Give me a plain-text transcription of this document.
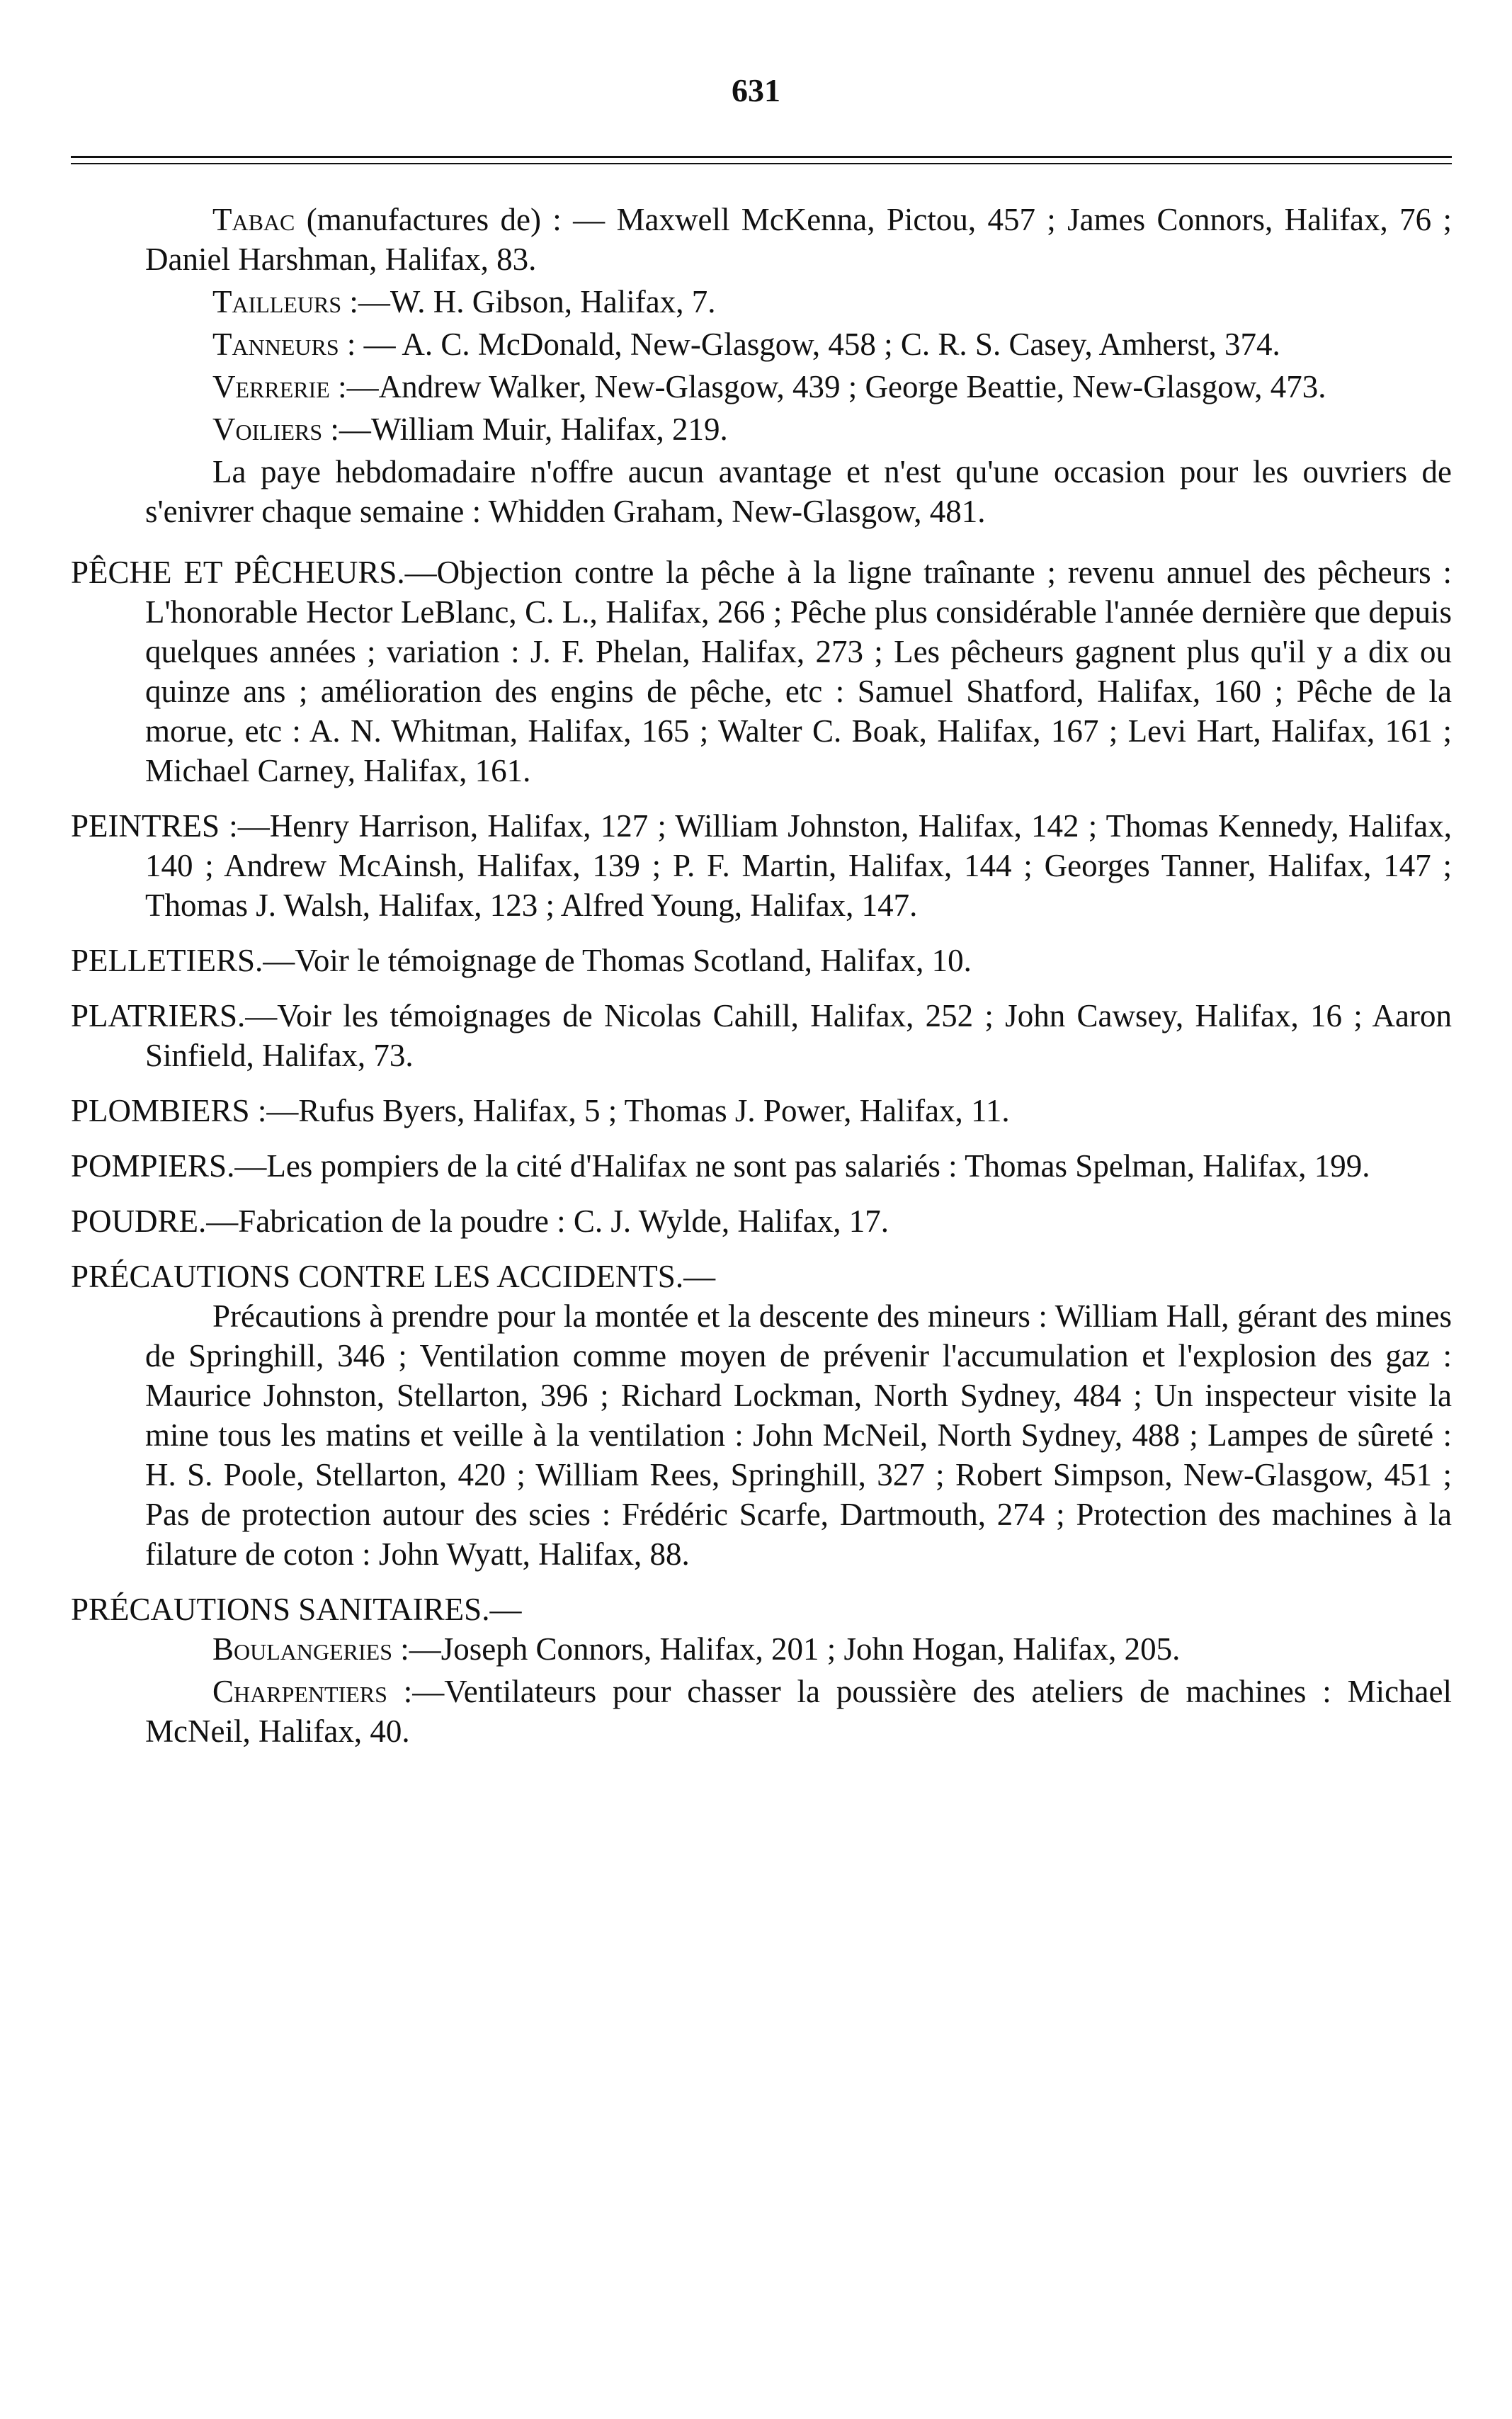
631

Tabac (manufactures de) : — Maxwell McKenna, Pictou, 457 ; James Connors, Halifax, 76 ; Daniel Harshman, Halifax, 83.

Tailleurs :—W. H. Gibson, Halifax, 7.

Tanneurs : — A. C. McDonald, New-Glasgow, 458 ; C. R. S. Casey, Amherst, 374.

Verrerie :—Andrew Walker, New-Glasgow, 439 ; George Beattie, New-Glasgow, 473.

Voiliers :—William Muir, Halifax, 219.

La paye hebdomadaire n'offre aucun avantage et n'est qu'une occasion pour les ouvriers de s'enivrer chaque semaine : Whidden Graham, New-Glasgow, 481.

PÊCHE ET PÊCHEURS.—Objection contre la pêche à la ligne traînante ; revenu annuel des pêcheurs : L'honorable Hector LeBlanc, C. L., Halifax, 266 ; Pêche plus considérable l'année dernière que depuis quelques années ; variation : J. F. Phelan, Halifax, 273 ; Les pêcheurs gagnent plus qu'il y a dix ou quinze ans ; amélioration des engins de pêche, etc : Samuel Shatford, Halifax, 160 ; Pêche de la morue, etc : A. N. Whitman, Halifax, 165 ; Walter C. Boak, Halifax, 167 ; Levi Hart, Halifax, 161 ; Michael Carney, Halifax, 161.

PEINTRES :—Henry Harrison, Halifax, 127 ; William Johnston, Halifax, 142 ; Thomas Kennedy, Halifax, 140 ; Andrew McAinsh, Halifax, 139 ; P. F. Martin, Halifax, 144 ; Georges Tanner, Halifax, 147 ; Thomas J. Walsh, Halifax, 123 ; Alfred Young, Halifax, 147.

PELLETIERS.—Voir le témoignage de Thomas Scotland, Halifax, 10.

PLATRIERS.—Voir les témoignages de Nicolas Cahill, Halifax, 252 ; John Cawsey, Halifax, 16 ; Aaron Sinfield, Halifax, 73.

PLOMBIERS :—Rufus Byers, Halifax, 5 ; Thomas J. Power, Halifax, 11.

POMPIERS.—Les pompiers de la cité d'Halifax ne sont pas salariés : Thomas Spelman, Halifax, 199.

POUDRE.—Fabrication de la poudre : C. J. Wylde, Halifax, 17.

PRÉCAUTIONS CONTRE LES ACCIDENTS.—

Précautions à prendre pour la montée et la descente des mineurs : William Hall, gérant des mines de Springhill, 346 ; Ventilation comme moyen de prévenir l'accumulation et l'explosion des gaz : Maurice Johnston, Stellarton, 396 ; Richard Lockman, North Sydney, 484 ; Un inspecteur visite la mine tous les matins et veille à la ventilation : John McNeil, North Sydney, 488 ; Lampes de sûreté : H. S. Poole, Stellarton, 420 ; William Rees, Springhill, 327 ; Robert Simpson, New-Glasgow, 451 ; Pas de protection autour des scies : Frédéric Scarfe, Dartmouth, 274 ; Protection des machines à la filature de coton : John Wyatt, Halifax, 88.

PRÉCAUTIONS SANITAIRES.—

Boulangeries :—Joseph Connors, Halifax, 201 ; John Hogan, Halifax, 205.

Charpentiers :—Ventilateurs pour chasser la poussière des ateliers de machines : Michael McNeil, Halifax, 40.
